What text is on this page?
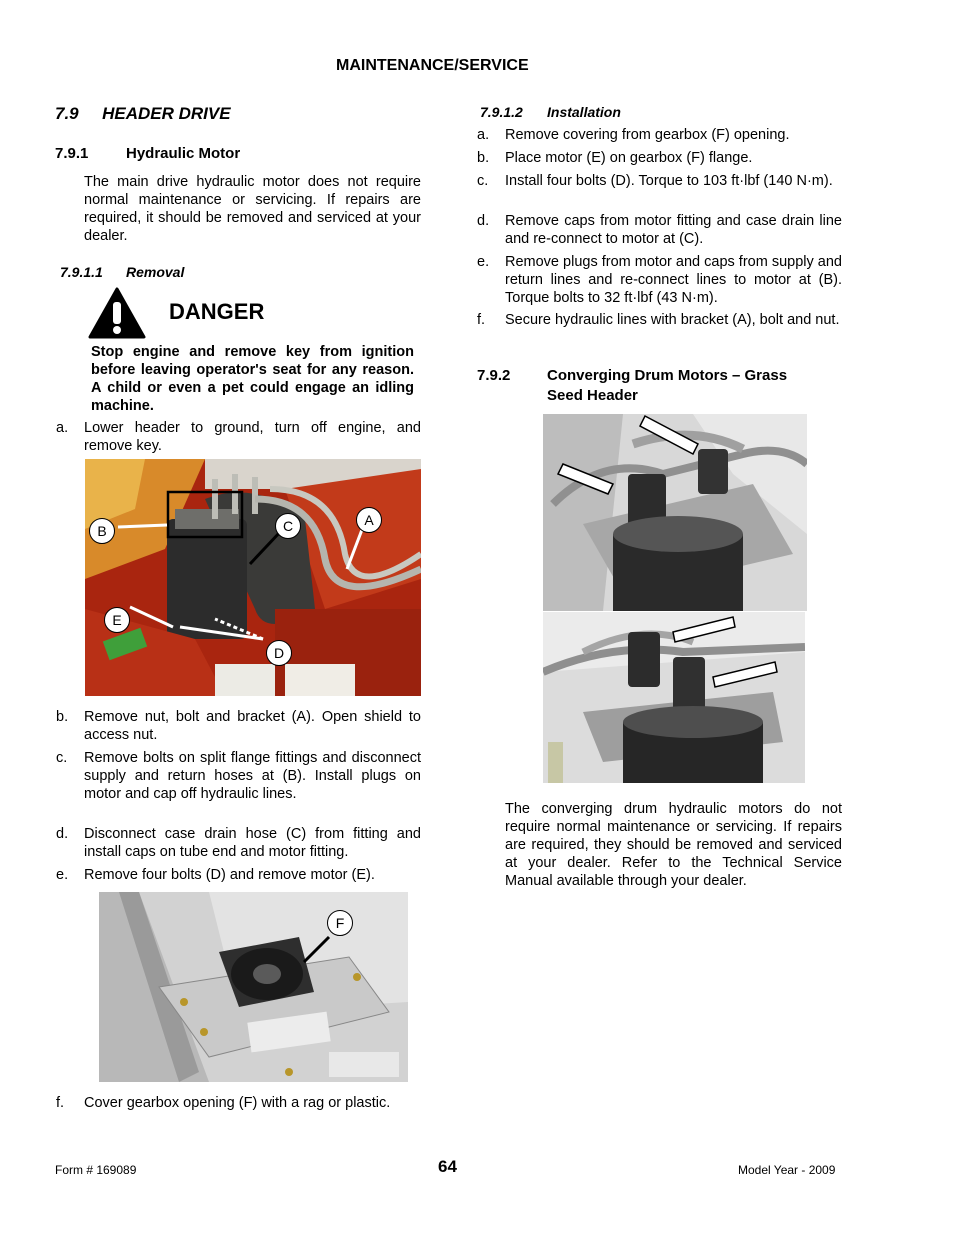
MAINTENANCE/SERVICE
7.9 HEADER DRIVE
7.9.1	Hydraulic Motor
The main drive hydraulic motor does not require normal maintenance or servicing. If repairs are required, it should be removed and serviced at your dealer.
7.9.1.1 Removal
DANGER
Stop engine and remove key from ignition before leaving operator's seat for any reason. A child or even a pet could engage an idling machine.
a. Lower header to ground, turn off engine, and remove key.
B	C	A
E
D
b. Remove nut, bolt and bracket (A). Open shield to access nut.
c. Remove bolts on split flange fittings and disconnect supply and return hoses at (B). Install plugs on motor and cap off hydraulic lines.
d. Disconnect case drain hose (C) from fitting and install caps on tube end and motor fitting.
e. Remove four bolts (D) and remove motor (E).
F
f. Cover gearbox opening (F) with a rag or plastic.
7.9.1.2 Installation
a. Remove covering from gearbox (F) opening.
b. Place motor (E) on gearbox (F) flange.
c. Install four bolts (D). Torque to 103 ft·lbf (140 N·m).
d. Remove caps from motor fitting and case drain line and re-connect to motor at (C).
e. Remove plugs from motor and caps from supply and return lines and re-connect lines to motor at (B). Torque bolts to 32 ft·lbf (43 N·m).
f. Secure hydraulic lines with bracket (A), bolt and nut.
7.9.2 Converging Drum Motors – Grass
Seed Header
The converging drum hydraulic motors do not require normal maintenance or servicing. If repairs are required, they should be removed and serviced at your dealer. Refer to the Technical Service Manual available through your dealer.
Form # 169089	64	Model Year - 2009
